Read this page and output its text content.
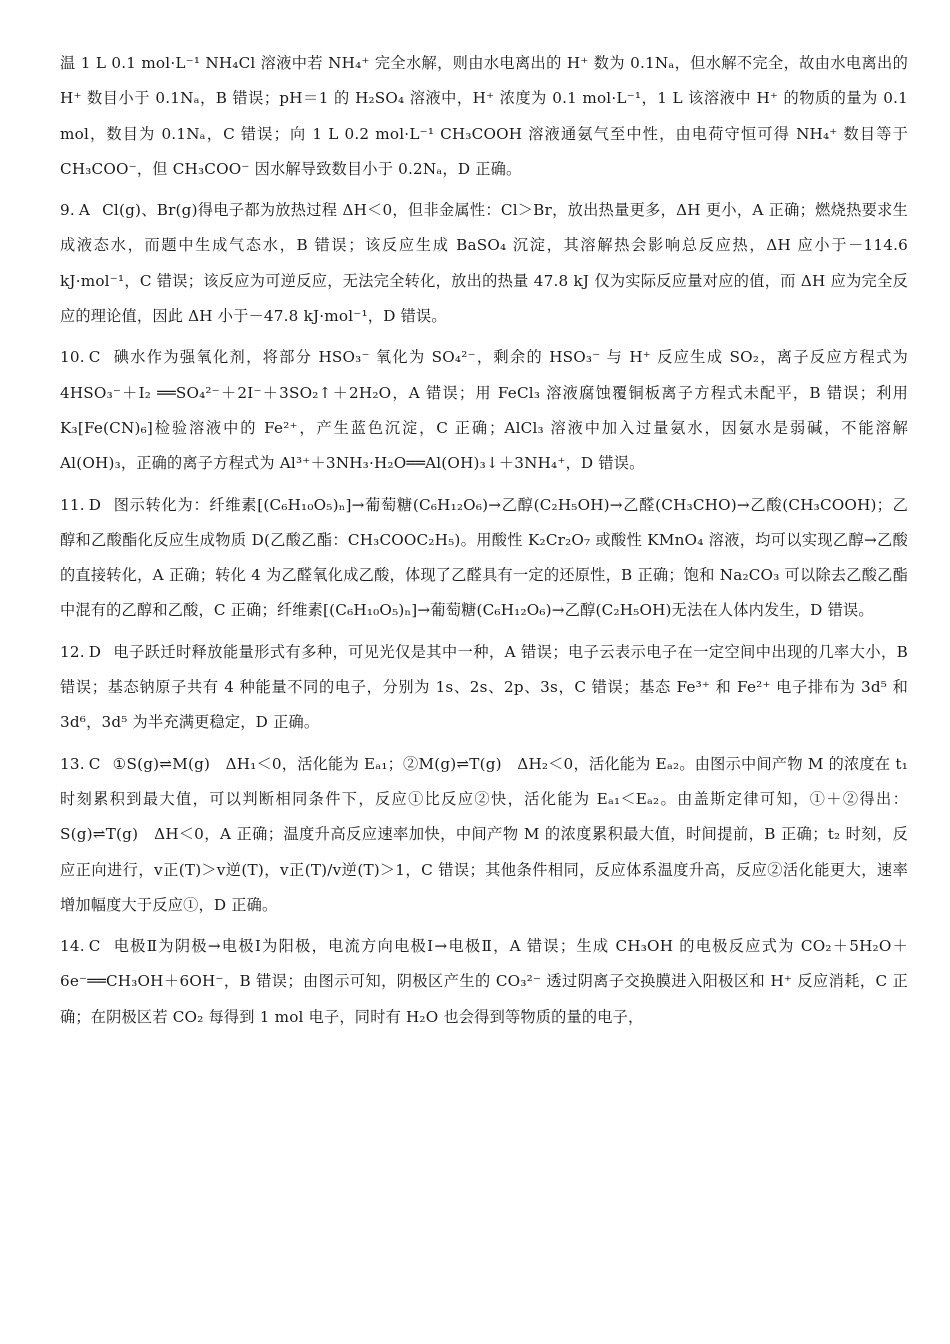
温 1 L 0.1 mol·L⁻¹ NH₄Cl 溶液中若 NH₄⁺ 完全水解，则由水电离出的 H⁺ 数为 0.1Nₐ，但水解不完全，故由水电离出的 H⁺ 数目小于 0.1Nₐ，B 错误；pH＝1 的 H₂SO₄ 溶液中，H⁺ 浓度为 0.1 mol·L⁻¹，1 L 该溶液中 H⁺ 的物质的量为 0.1 mol，数目为 0.1Nₐ，C 错误；向 1 L 0.2 mol·L⁻¹ CH₃COOH 溶液通氨气至中性，由电荷守恒可得 NH₄⁺ 数目等于 CH₃COO⁻，但 CH₃COO⁻ 因水解导致数目小于 0.2Nₐ，D 正确。

9. A Cl(g)、Br(g)得电子都为放热过程 ΔH＜0，但非金属性：Cl＞Br，放出热量更多，ΔH 更小，A 正确；燃烧热要求生成液态水，而题中生成气态水，B 错误；该反应生成 BaSO₄ 沉淀，其溶解热会影响总反应热，ΔH 应小于－114.6 kJ·mol⁻¹，C 错误；该反应为可逆反应，无法完全转化，放出的热量 47.8 kJ 仅为实际反应量对应的值，而 ΔH 应为完全反应的理论值，因此 ΔH 小于－47.8 kJ·mol⁻¹，D 错误。

10. C 碘水作为强氧化剂，将部分 HSO₃⁻ 氧化为 SO₄²⁻，剩余的 HSO₃⁻ 与 H⁺ 反应生成 SO₂，离子反应方程式为 4HSO₃⁻＋I₂ ══SO₄²⁻＋2I⁻＋3SO₂↑＋2H₂O，A 错误；用 FeCl₃ 溶液腐蚀覆铜板离子方程式未配平，B 错误；利用 K₃[Fe(CN)₆]检验溶液中的 Fe²⁺，产生蓝色沉淀，C 正确；AlCl₃ 溶液中加入过量氨水，因氨水是弱碱，不能溶解 Al(OH)₃，正确的离子方程式为 Al³⁺＋3NH₃·H₂O══Al(OH)₃↓＋3NH₄⁺，D 错误。

11. D 图示转化为：纤维素[(C₆H₁₀O₅)ₙ]→葡萄糖(C₆H₁₂O₆)→乙醇(C₂H₅OH)→乙醛(CH₃CHO)→乙酸(CH₃COOH)；乙醇和乙酸酯化反应生成物质 D(乙酸乙酯：CH₃COOC₂H₅)。用酸性 K₂Cr₂O₇ 或酸性 KMnO₄ 溶液，均可以实现乙醇→乙酸的直接转化，A 正确；转化 4 为乙醛氧化成乙酸，体现了乙醛具有一定的还原性，B 正确；饱和 Na₂CO₃ 可以除去乙酸乙酯中混有的乙醇和乙酸，C 正确；纤维素[(C₆H₁₀O₅)ₙ]→葡萄糖(C₆H₁₂O₆)→乙醇(C₂H₅OH)无法在人体内发生，D 错误。

12. D 电子跃迁时释放能量形式有多种，可见光仅是其中一种，A 错误；电子云表示电子在一定空间中出现的几率大小，B 错误；基态钠原子共有 4 种能量不同的电子，分别为 1s、2s、2p、3s，C 错误；基态 Fe³⁺ 和 Fe²⁺ 电子排布为 3d⁵ 和 3d⁶，3d⁵ 为半充满更稳定，D 正确。

13. C ①S(g)⇌M(g)　ΔH₁＜0，活化能为 Eₐ₁；②M(g)⇌T(g)　ΔH₂＜0，活化能为 Eₐ₂。由图示中间产物 M 的浓度在 t₁ 时刻累积到最大值，可以判断相同条件下，反应①比反应②快，活化能为 Eₐ₁＜Eₐ₂。由盖斯定律可知，①＋②得出：S(g)⇌T(g)　ΔH＜0，A 正确；温度升高反应速率加快，中间产物 M 的浓度累积最大值，时间提前，B 正确；t₂ 时刻，反应正向进行，v正(T)＞v逆(T)，v正(T)/v逆(T)＞1，C 错误；其他条件相同，反应体系温度升高，反应②活化能更大，速率增加幅度大于反应①，D 正确。

14. C 电极Ⅱ为阴极→电极Ⅰ为阳极，电流方向电极Ⅰ→电极Ⅱ，A 错误；生成 CH₃OH 的电极反应式为 CO₂＋5H₂O＋6e⁻══CH₃OH＋6OH⁻，B 错误；由图示可知，阴极区产生的 CO₃²⁻ 透过阴离子交换膜进入阳极区和 H⁺ 反应消耗，C 正确；在阴极区若 CO₂ 每得到 1 mol 电子，同时有 H₂O 也会得到等物质的量的电子，
